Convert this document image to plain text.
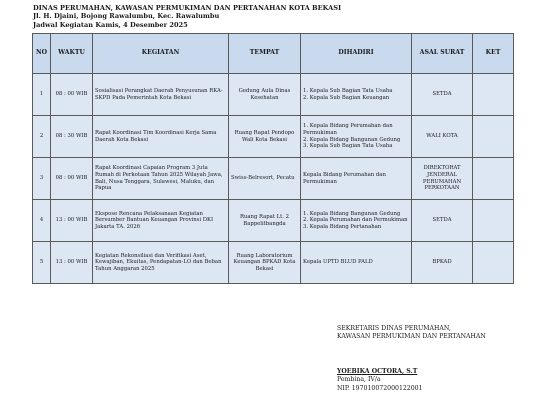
DINAS PERUMAHAN, KAWASAN PERMUKIMAN DAN PERTANAHAN KOTA BEKASI
Jl. H. Djaini, Bojong Rawalumbu, Kec. Rawalumbu
Jadwal Kegiatan Kamis, 4 Desember 2025
NO	WAKTU	KEGIATAN	TEMPAT	DIHADIRI	ASAL SURAT	KET
1	08 : 00 WIB	Sosialisasi Perangkat Daerah Penyusunan RKA-SKPD Pada Pemerintah Kota Bekasi	Gedung Aula Dinas Kesehatan	1. Kepala Sub Bagian Tata Usaha
2. Kepala Sub Bagian Keuangan	SETDA	
2	08 : 30 WIB	Rapat Koordinasi Tim Koordinasi Kerja Sama Daerah Kota Bekasi	Ruang Rapat Pendopo Wali Kota Bekasi	1. Kepala Bidang Perumahan dan Permukiman
2. Kepala Bidang Bangunan Gedung
3. Kepala Sub Bagian Tata Usaha	WALI KOTA	
3	08 : 00 WIB	Rapat Koordinasi Capaian Program 3 Juta Rumah di Perkotaan Tahun 2025 Wilayah Jawa, Bali, Nusa Tenggara, Sulawesi, Maluku, dan Papua	Swiss-Belresort, Pecatu	Kepala Bidang Perumahan dan Permukiman	DIREKTORAT JENDERAL PERUMAHAN PERKOTAAN	
4	13 : 00 WIB	Ekspose Rencana Pelaksanaan Kegiatan Bersumber Bantuan Keuangan Provinsi DKI Jakarta TA. 2026	Ruang Rapat Lt. 2 Bappelitbangda	1. Kepala Bidang Bangunan Gedung
2. Kepala Perumahan dan Permukiman
3. Kepala Bidang Pertanahan	SETDA	
5	13 : 00 WIB	Kegiatan Rekonsiliasi dan Verifikasi Aset, Kewajiban, Ekuitas, Pendapatan-LO dan Beban Tahun Anggaran 2025	Ruang Laboratorium Keuangan BPKAD Kota Bekasi	Kepala UPTD BLUD PALD	BPKAD	
SEKRETARIS DINAS PERUMAHAN,
KAWASAN PERMUKIMAN DAN PERTANAHAN
YOEBIKA OCTORA, S.T
Pembina, IV/a
NIP. 197010072000122001
